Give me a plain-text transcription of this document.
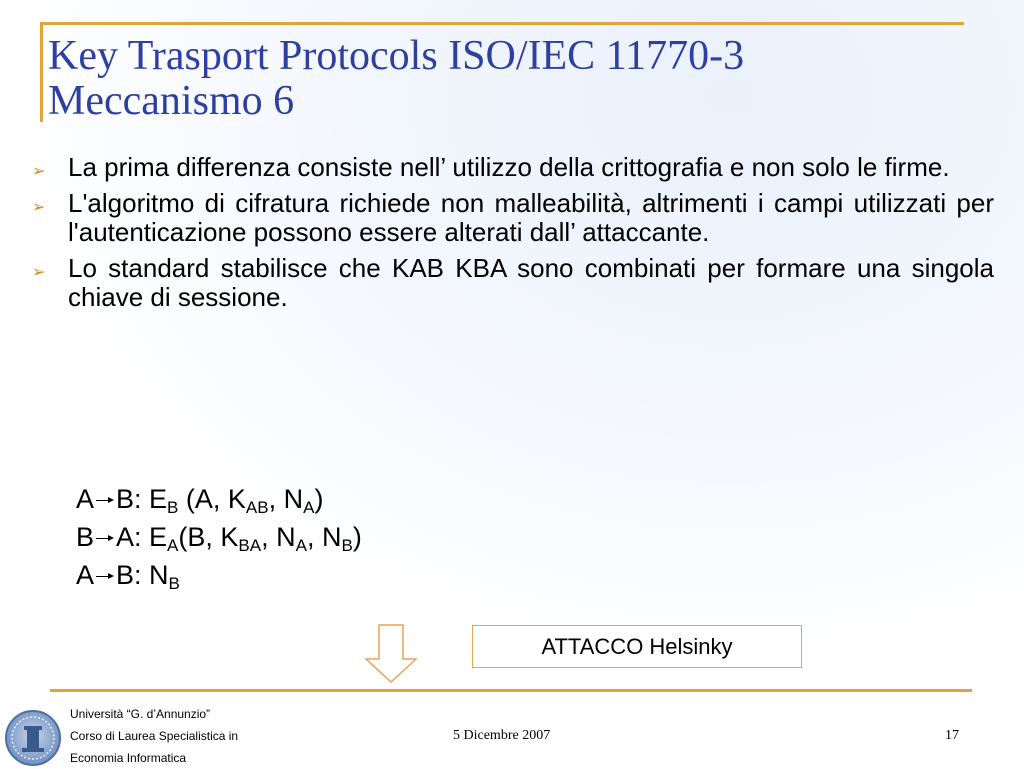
Key Trasport Protocols ISO/IEC 11770-3
Meccanismo 6
➢ La prima differenza consiste nell’ utilizzo della crittografia e non solo le firme.
➢ L'algoritmo di cifratura richiede non malleabilità, altrimenti i campi utilizzati per l'autenticazione possono essere alterati dall’ attaccante.
➢ Lo standard stabilisce che KAB KBA sono combinati per formare una singola chiave di sessione.
A B: $E_B$ (A, $K_{AB}$, $N_A$)
B A: $E_A(B$, $K_{BA}$, $N_A$, $N_B$)
A B: $N_B$
ATTACCO Helsinky
Università “G. d’Annunzio”
Corso di Laurea Specialistica in
Economia Informatica
5 Dicembre 2007	17
